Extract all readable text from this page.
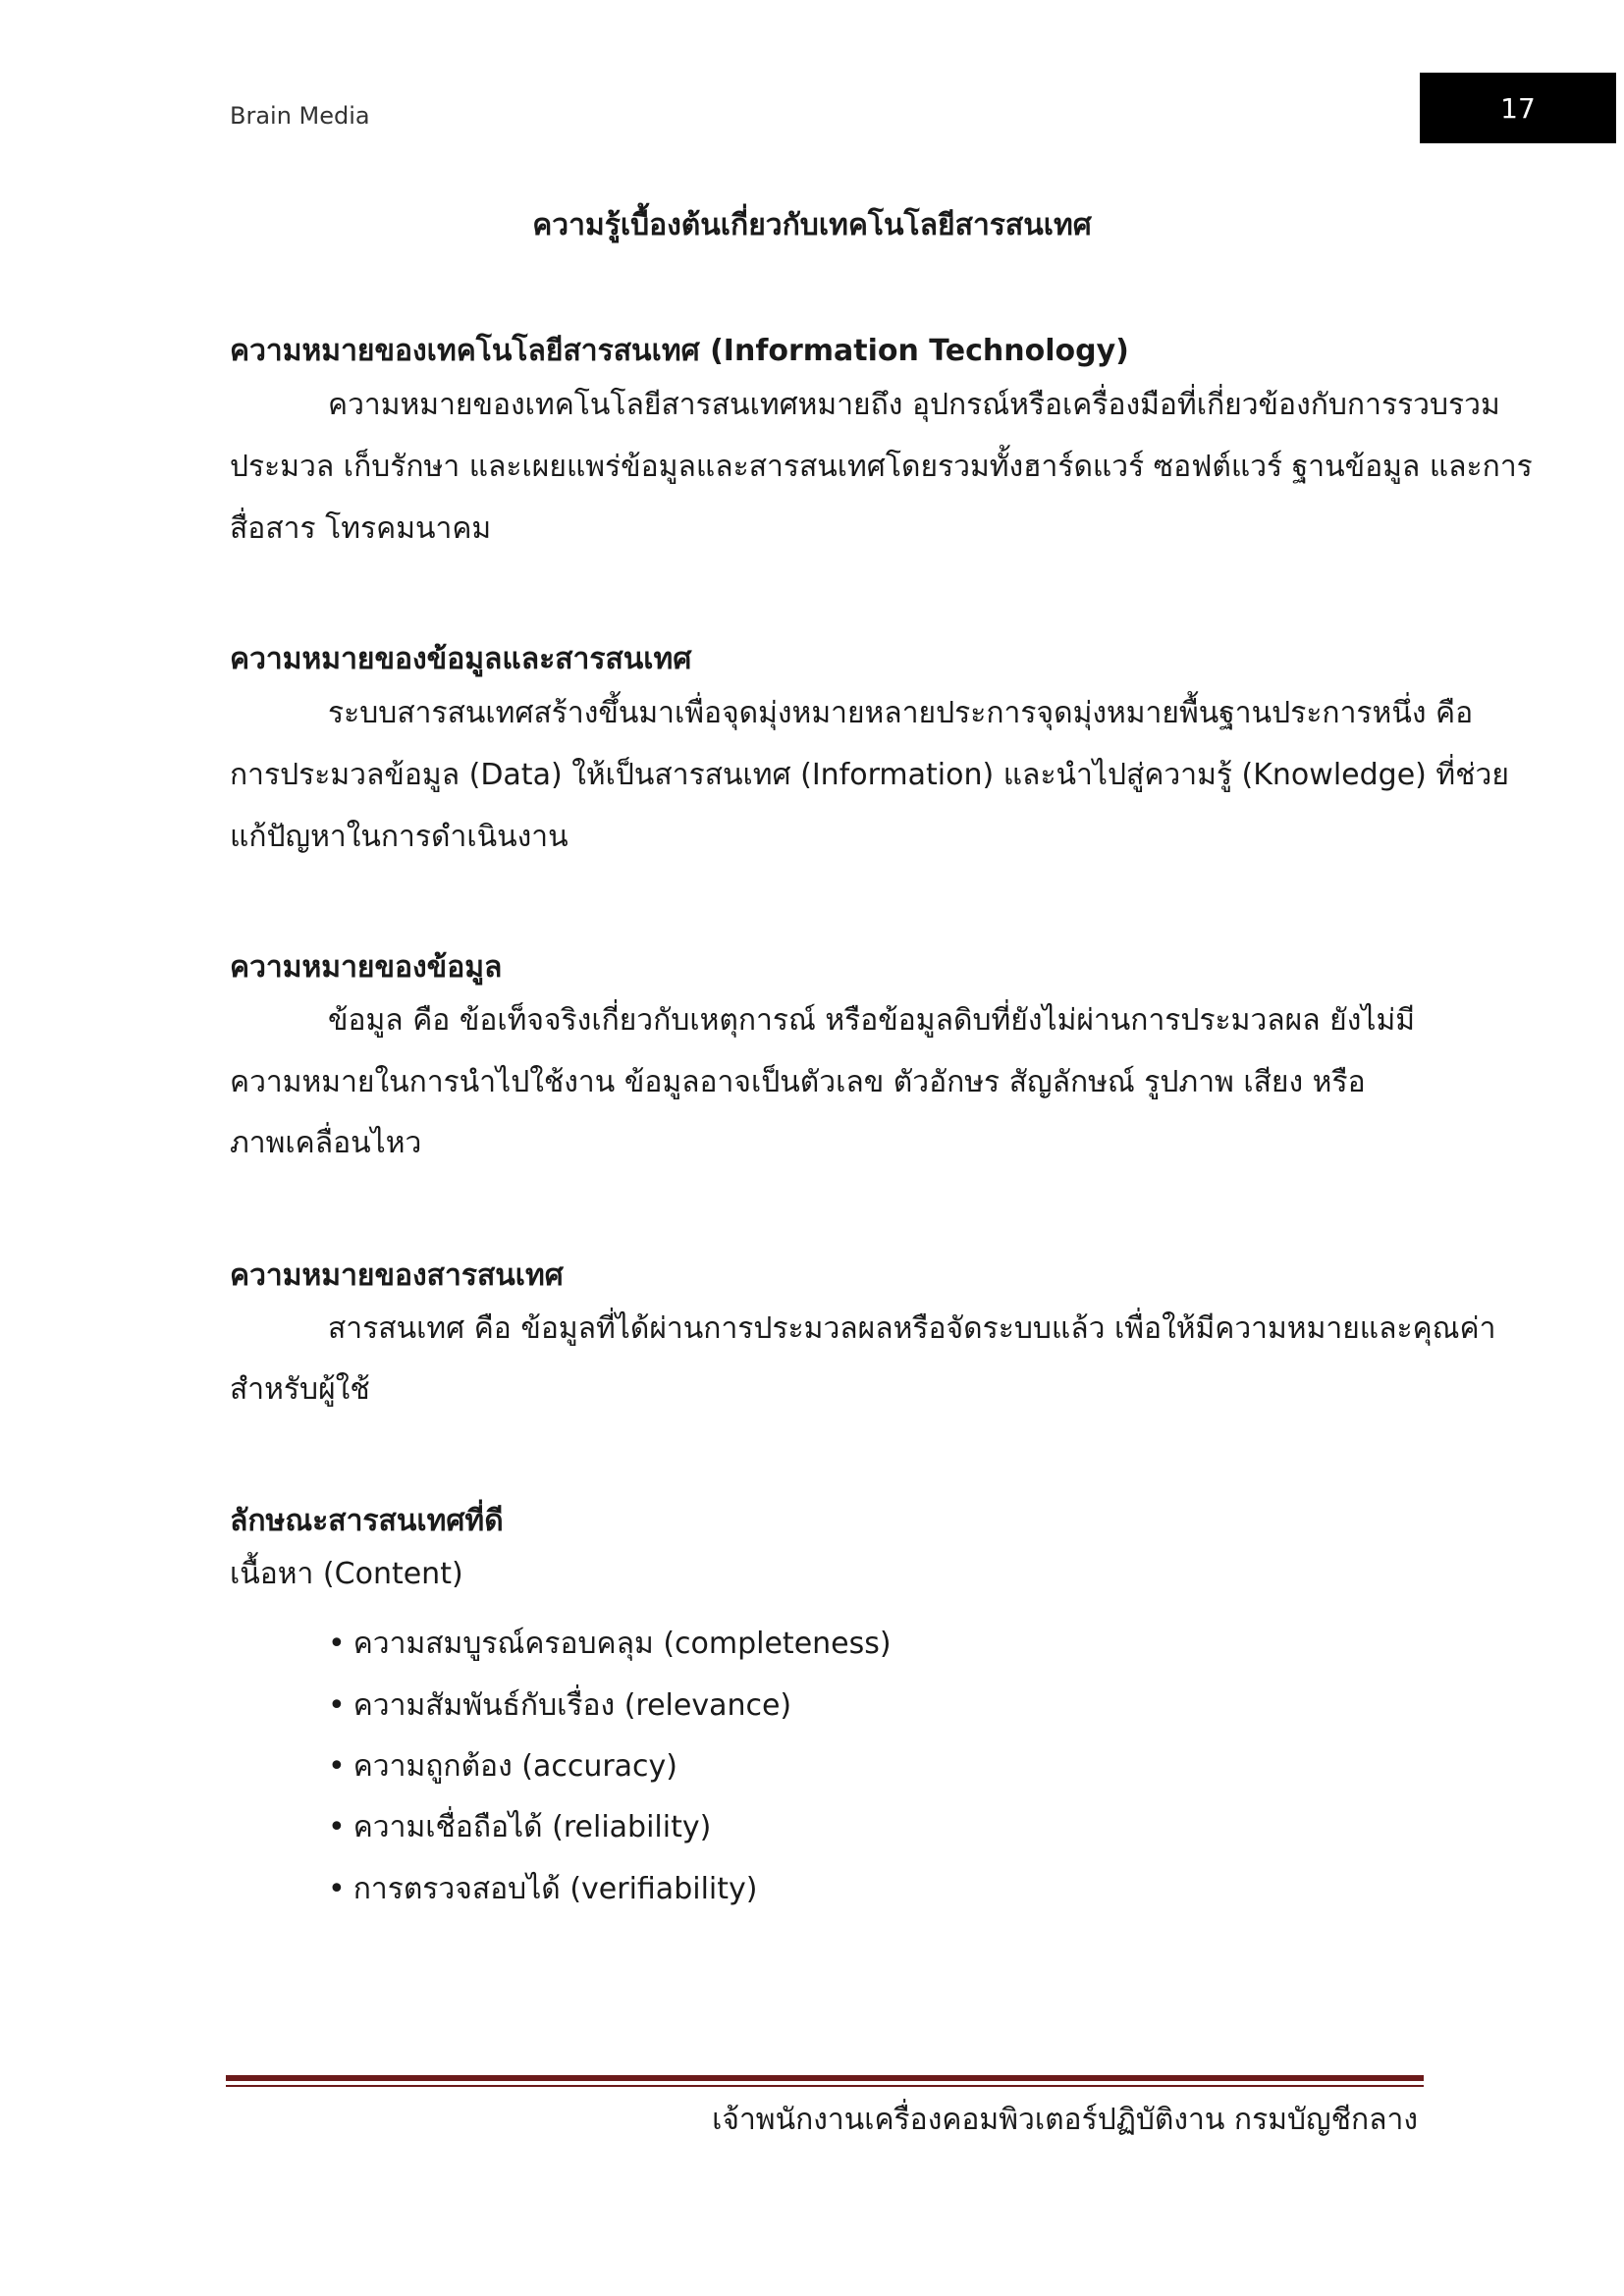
Brain Media	17
ความรู้เบื้องต้นเกี่ยวกับเทคโนโลยีสารสนเทศ
ความหมายของเทคโนโลยีสารสนเทศ (Information Technology)
ความหมายของเทคโนโลยีสารสนเทศหมายถึง อุปกรณ์หรือเครื่องมือที่เกี่ยวข้องกับการรวบรวม
ประมวล เก็บรักษา และเผยแพร่ข้อมูลและสารสนเทศโดยรวมทั้งฮาร์ดแวร์ ซอฟต์แวร์ ฐานข้อมูล และการ
สื่อสาร โทรคมนาคม
ความหมายของข้อมูลและสารสนเทศ
ระบบสารสนเทศสร้างขึ้นมาเพื่อจุดมุ่งหมายหลายประการจุดมุ่งหมายพื้นฐานประการหนึ่ง คือ
การประมวลข้อมูล (Data) ให้เป็นสารสนเทศ (Information) และนำไปสู่ความรู้ (Knowledge) ที่ช่วย
แก้ปัญหาในการดำเนินงาน
ความหมายของข้อมูล
ข้อมูล คือ ข้อเท็จจริงเกี่ยวกับเหตุการณ์ หรือข้อมูลดิบที่ยังไม่ผ่านการประมวลผล ยังไม่มี
ความหมายในการนำไปใช้งาน ข้อมูลอาจเป็นตัวเลข ตัวอักษร สัญลักษณ์ รูปภาพ เสียง หรือ
ภาพเคลื่อนไหว
ความหมายของสารสนเทศ
สารสนเทศ คือ ข้อมูลที่ได้ผ่านการประมวลผลหรือจัดระบบแล้ว เพื่อให้มีความหมายและคุณค่า
สำหรับผู้ใช้
ลักษณะสารสนเทศที่ดี
เนื้อหา (Content)
• ความสมบูรณ์ครอบคลุม (completeness)
• ความสัมพันธ์กับเรื่อง (relevance)
• ความถูกต้อง (accuracy)
• ความเชื่อถือได้ (reliability)
• การตรวจสอบได้ (verifiability)
เจ้าพนักงานเครื่องคอมพิวเตอร์ปฏิบัติงาน กรมบัญชีกลาง
